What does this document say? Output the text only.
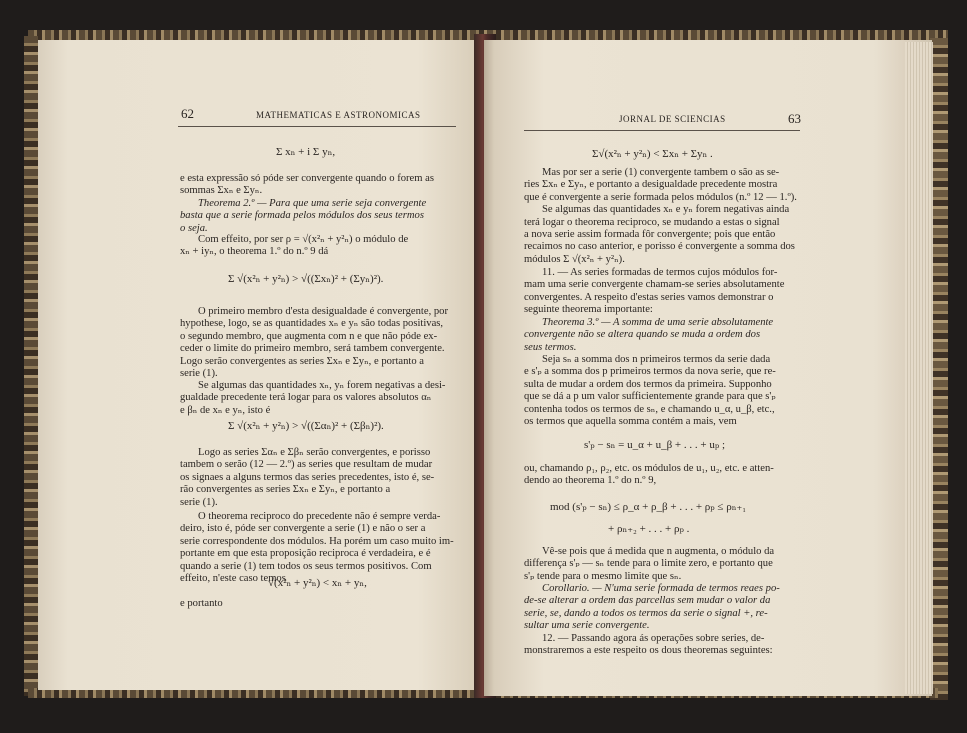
62	MATHEMATICAS E ASTRONOMICAS
Σ xₙ + i Σ yₙ,
e esta expressão só póde ser convergente quando o forem as
sommas Σxₙ e Σyₙ.
Theorema 2.º — Para que uma serie seja convergente
basta que a serie formada pelos módulos dos seus termos
o seja.
Com effeito, por ser ρ = √(x²ₙ + y²ₙ) o módulo de
xₙ + iyₙ, o theorema 1.º do n.º 9 dá
Σ √(x²ₙ + y²ₙ) > √((Σxₙ)² + (Σyₙ)²).
O primeiro membro d'esta desigualdade é convergente, por
hypothese, logo, se as quantidades xₙ e yₙ são todas positivas,
o segundo membro, que augmenta com n e que não póde ex-
ceder o limite do primeiro membro, será tambem convergente.
Logo serão convergentes as series Σxₙ e Σyₙ, e portanto a
serie (1).
Se algumas das quantidades xₙ, yₙ forem negativas a desi-
gualdade precedente terá logar para os valores absolutos αₙ
e βₙ de xₙ e yₙ, isto é
Σ √(x²ₙ + y²ₙ) > √((Σαₙ)² + (Σβₙ)²).
Logo as series Σαₙ e Σβₙ serão convergentes, e porisso
tambem o serão (12 — 2.º) as series que resultam de mudar
os signaes a alguns termos das series precedentes, isto é, se-
rão convergentes as series Σxₙ e Σyₙ, e portanto a
serie (1).
O theorema reciproco do precedente não é sempre verda-
deiro, isto é, póde ser convergente a serie (1) e não o ser a
serie correspondente dos módulos. Ha porém um caso muito im-
portante em que esta proposição reciproca é verdadeira, e é
quando a serie (1) tem todos os seus termos positivos. Com
effeito, n'este caso temos
√(x²ₙ + y²ₙ) < xₙ + yₙ,
e portanto
JORNAL DE SCIENCIAS	63
Σ√(x²ₙ + y²ₙ) < Σxₙ + Σyₙ .
Mas por ser a serie (1) convergente tambem o são as se-
ries Σxₙ e Σyₙ, e portanto a desigualdade precedente mostra
que é convergente a serie formada pelos módulos (n.º 12 — 1.º).
Se algumas das quantidades xₙ e yₙ forem negativas ainda
terá logar o theorema reciproco, se mudando a estas o signal
a nova serie assim formada fôr convergente; pois que então
recaimos no caso anterior, e porisso é convergente a somma dos
módulos Σ √(x²ₙ + y²ₙ).
11. — As series formadas de termos cujos módulos for-
mam uma serie convergente chamam-se series absolutamente
convergentes. A respeito d'estas series vamos demonstrar o
seguinte theorema importante:
Theorema 3.º — A somma de uma serie absolutamente
convergente não se altera quando se muda a ordem dos
seus termos.
Seja sₙ a somma dos n primeiros termos da serie dada
e s'ₚ a somma dos p primeiros termos da nova serie, que re-
sulta de mudar a ordem dos termos da primeira. Supponho
que se dá a p um valor sufficientemente grande para que s'ₚ
contenha todos os termos de sₙ, e chamando u_α, u_β, etc.,
os termos que aquella somma contém a mais, vem
s'ₚ − sₙ = u_α + u_β + . . . + uₚ ;
ou, chamando ρ₁, ρ₂, etc. os módulos de u₁, u₂, etc. e atten-
dendo ao theorema 1.º do n.º 9,
mod (s'ₚ − sₙ) ≤ ρ_α + ρ_β + . . . + ρₚ ≤ ρₙ₊₁
+ ρₙ₊₂ + . . . + ρₚ .
Vê-se pois que á medida que n augmenta, o módulo da
differença s'ₚ — sₙ tende para o limite zero, e portanto que
s'ₚ tende para o mesmo limite que sₙ.
Corollario. — N'uma serie formada de termos reaes po-
de-se alterar a ordem das parcellas sem mudar o valor da
serie, se, dando a todos os termos da serie o signal +, re-
sultar uma serie convergente.
12. — Passando agora ás operações sobre series, de-
monstraremos a este respeito os dous theoremas seguintes:
